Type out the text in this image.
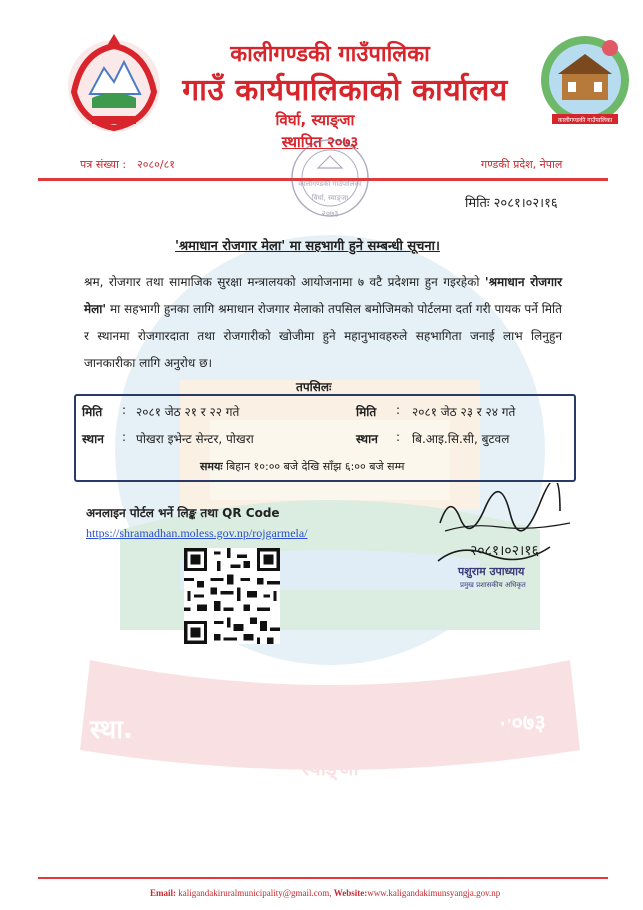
स्था.	२०७३
कालीगण्डकी गाउँपालिका
स्याङ्जा
कालीगण्डकी गाउँपालिका
कालीगण्डकी गाउँपालिका
गाउँ कार्यपालिकाको कार्यालय
विर्घा, स्याङ्जा
स्थापित २०७३
पत्र संख्या : २०८०/८१	गण्डकी प्रदेश, नेपाल
कालीगण्डकी गाउँपालिका
विर्घा, स्याङ्जा
२०७३
मितिः २०८१।०२।१६
'श्रमाधान रोजगार मेला' मा सहभागी हुने सम्बन्धी सूचना।
श्रम, रोजगार तथा सामाजिक सुरक्षा मन्त्रालयको आयोजनामा ७ वटै प्रदेशमा हुन गइरहेको 'श्रमाधान रोजगार मेला' मा सहभागी हुनका लागि श्रमाधान रोजगार मेलाको तपसिल बमोजिमको पोर्टलमा दर्ता गरी पायक पर्ने मिति र स्थानमा रोजगारदाता तथा रोजगारीको खोजीमा हुने महानुभावहरुले सहभागिता जनाई लाभ लिनुहुन जानकारीका लागि अनुरोध छ।
तपसिलः
मिति : २०८१ जेठ २१ र २२ गते
स्थान : पोखरा इभेन्ट सेन्टर, पोखरा
मिति : २०८१ जेठ २३ र २४ गते
स्थान : बि.आइ.सि.सी, बुटवल
समयः बिहान १०:०० बजे देखि साँझ ६:०० बजे सम्म
अनलाइन पोर्टल भर्ने लिङ्क तथा QR Code
https://shramadhan.moless.gov.np/rojgarmela/
२०८१।०२।१६
पशुराम उपाध्याय
प्रमुख प्रशासकीय अधिकृत
Email: kaligandakiruralmunicipality@gmail.com, Website:www.kaligandakimunsyangja.gov.np
